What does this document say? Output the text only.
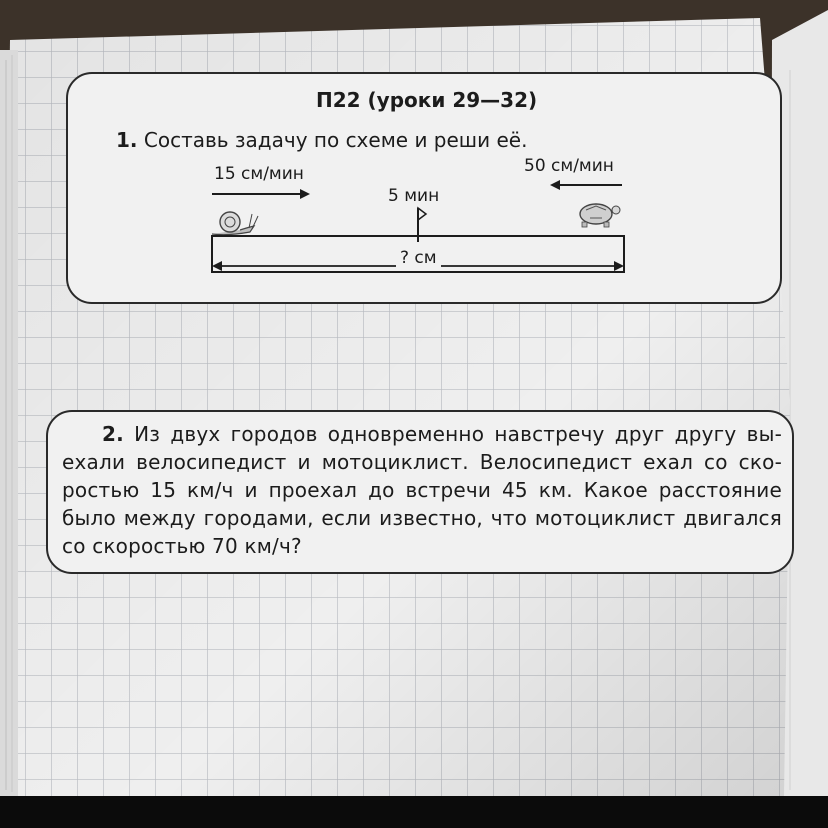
П22 (уроки 29—32)
1. Составь задачу по схеме и реши её.
15 см/мин	50 см/мин
5 мин
? см
2. Из двух городов одновременно навстречу друг другу вы-
ехали велосипедист и мотоциклист. Велосипедист ехал со ско-
ростью 15 км/ч и проехал до встречи 45 км. Какое расстояние
было между городами, если известно, что мотоциклист двигался
со скоростью 70 км/ч?
